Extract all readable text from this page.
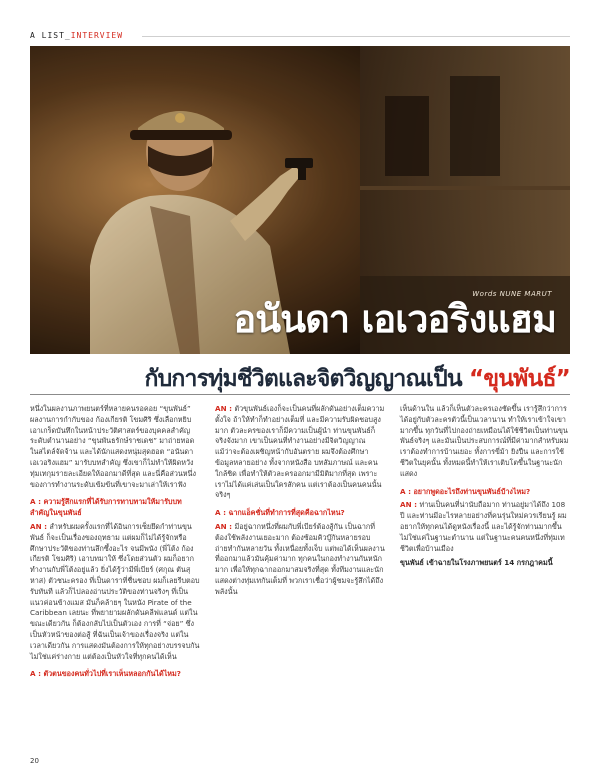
A LIST_INTERVIEW
Words NUNE MARUT
อนันดา เอเวอริงแฮม
กับการทุ่มชีวิตและจิตวิญญาณเป็น “ขุนพันธ์”

หนึ่งในผลงานภาพยนตร์ที่หลายคนรอคอย “ขุนพันธ์” ผลงานการกำกับของ ก้องเกียรติ โขมศิริ ซึ่งเลือกหยิบเอาเกร็ดบันทึกในหน้าประวัติศาสตร์ของบุคคลสำคัญระดับตำนานอย่าง “ขุนพันธรักษ์ราชเดช” มาถ่ายทอดในสไตล์จัดจ้าน และได้นักแสดงหนุ่มสุดฮอต “อนันดา เอเวอริงแฮม” มารับบทสำคัญ ซึ่งเขาก็ไม่ทำให้ผิดหวัง ทุ่มเทกุมรายละเอียดให้ออกมาดีที่สุด และนี่คือส่วนหนึ่งของการทำงานระดับเข้มข้นที่เขาจะมาเล่าให้เราฟัง

A : ความรู้สึกแรกที่ได้รับการทาบทามให้มารับบทสำคัญในขุนพันธ์

AN : สำหรับผมครั้งแรกที่ได้อินการเซ็ยยึดกำท่านขุนพันธ์ ก็จะเป็นเรื่องของฤทธาม แต่ผมก็ไม่ได้รู้จักหรือศึกษาประวัติของท่านลึกซึ้งอะไร จนมีพนัง (พี่โต้ง ก้องเกียรติ โขมศิริ) เอาบทมาให้ ซึ่งโดยส่วนตัว ผมก็อยากทำงานกับพี่โต้งอยู่แล้ว ยิ่งได้รู้ว่ามีพี่เบียร์ (ศกุณ ตันสุหาส) ตัวชนะครอง ที่เป็นดาราที่ชื่นชอบ ผมก็เลยรีบตอบรับทันที แล้วก็ไปลองอ่านประวัติของท่านจริงๆ ที่เป็นแนวค่อนข้างแมส มันก็คล้ายๆ ในหนัง Pirate of the Caribbean เลยนะ ที่พยายามผลักดันคลีฟแลนด์ แต่ในขณะเดียวกัน ก็ต้องกลับไปเป็นตัวเอง การที่ “จ่อย” ซึ่งเป็นหัวหน้าของต่อสู้ ที่ฉันเป็นเจ้าของเรื่องจริง แต่ในเวลาเดียวกัน การแสดงมันต้องการให้ทุกอย่างบรรจบกัน ไม่ใช่แค่ร่างกาย แต่ต้องเป็นหัวใจที่ทุกคนได้เห็น

A : ตัวตนของคนทั่วไปที่เราเห็นหลอกกันได้ไหม?

AN : ตัวขุนพันธ์เองก็จะเป็นคนที่ผลักดันอย่างเต็มความตั้งใจ ถ้าให้ทำก็ทำอย่างเต็มที่ และมีความรับผิดชอบสูงมาก ตัวละครของเราก็มีความเป็นผู้นำ ท่านขุนพันธ์ก็จริงจังมาก เขาเป็นคนที่ทำงานอย่างมีจิตวิญญาณ แม้ว่าจะต้องเผชิญหน้ากับอันตราย ผมจึงต้องศึกษาข้อมูลหลายอย่าง ทั้งจากหนังสือ บทสัมภาษณ์ และคนใกล้ชิด เพื่อทำให้ตัวละครออกมามีมิติมากที่สุด เพราะเราไม่ได้แค่เล่นเป็นใครสักคน แต่เราต้องเป็นคนคนนั้นจริงๆ

A : ฉากแอ็คชั่นที่ทำการที่สุดคือฉากไหน?

AN : มีอยู่ฉากหนึ่งที่ผมกับพี่เบียร์ต้องสู้กัน เป็นฉากที่ต้องใช้พลังงานเยอะมาก ต้องซ้อมคิวบู๊กันหลายรอบ ถ่ายทำกันหลายวัน ทั้งเหนื่อยทั้งเจ็บ แต่พอได้เห็นผลงานที่ออกมาแล้วมันคุ้มค่ามาก ทุกคนในกองทำงานกันหนักมาก เพื่อให้ทุกฉากออกมาสมจริงที่สุด ทั้งทีมงานและนักแสดงต่างทุ่มเทกันเต็มที่ พวกเราเชื่อว่าผู้ชมจะรู้สึกได้ถึงพลังนั้น

เห็นด้านใน แล้วก็เห็นตัวละครเองชัดขึ้น เรารู้สึกว่าการได้อยู่กับตัวละครตัวนี้เป็นเวลานาน ทำให้เราเข้าใจเขามากขึ้น ทุกวันที่ไปกองถ่ายเหมือนได้ใช้ชีวิตเป็นท่านขุนพันธ์จริงๆ และมันเป็นประสบการณ์ที่มีค่ามากสำหรับผม เราต้องทำการบ้านเยอะ ทั้งการขี่ม้า ยิงปืน และการใช้ชีวิตในยุคนั้น ทั้งหมดนี้ทำให้เราเติบโตขึ้นในฐานะนักแสดง

A : อยากพูดอะไรถึงท่านขุนพันธ์บ้างไหม?

AN : ท่านเป็นคนที่น่านับถือมาก ท่านอยู่มาได้ถึง 108 ปี และท่านมีอะไรหลายอย่างที่คนรุ่นใหม่ควรเรียนรู้ ผมอยากให้ทุกคนได้ดูหนังเรื่องนี้ และได้รู้จักท่านมากขึ้น ไม่ใช่แค่ในฐานะตำนาน แต่ในฐานะคนคนหนึ่งที่ทุ่มเทชีวิตเพื่อบ้านเมือง

ขุนพันธ์ เข้าฉายในโรงภาพยนตร์ 14 กรกฎาคมนี้

20
